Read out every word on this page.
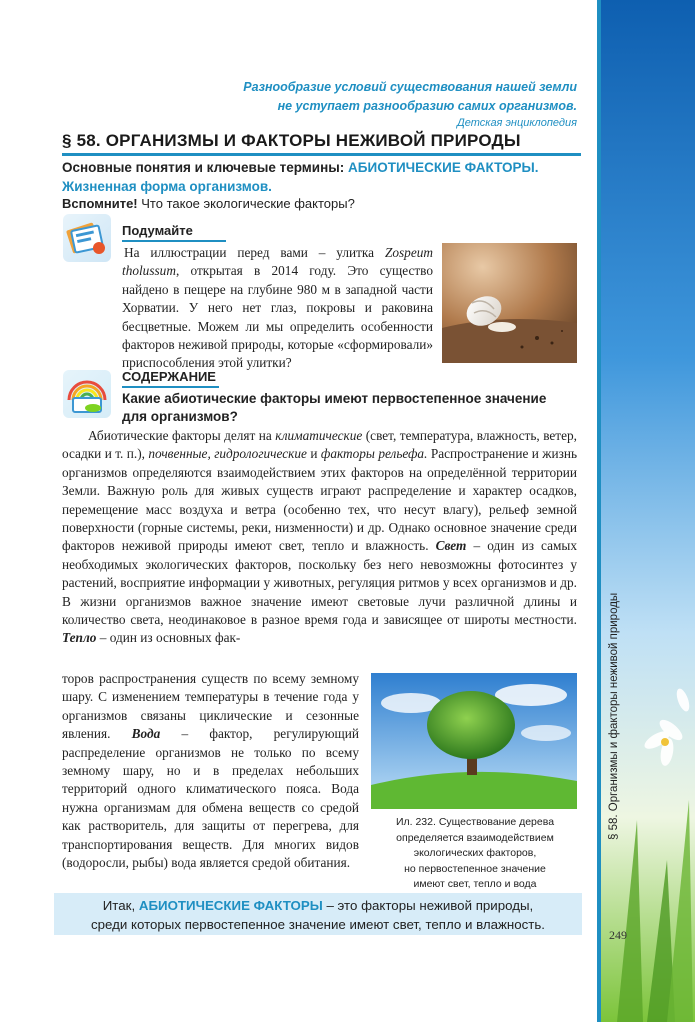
Разнообразие условий существования нашей земли
не уступает разнообразию самих организмов.
Детская энциклопедия
§ 58. ОРГАНИЗМЫ И ФАКТОРЫ НЕЖИВОЙ ПРИРОДЫ
Основные понятия и ключевые термины: АБИОТИЧЕСКИЕ ФАКТОРЫ.
Жизненная форма организмов.
Вспомните! Что такое экологические факторы?
Подумайте
На иллюстрации перед вами – улитка Zospeum tholussum, открытая в 2014 году. Это существо найдено в пещере на глубине 980 м в западной части Хорватии. У него нет глаз, покровы и раковина бесцветные. Можем ли мы определить особенности факторов неживой природы, которые «сформировали» приспособления этой улитки?
СОДЕРЖАНИЕ
Какие абиотические факторы имеют первостепенное значение для организмов?
Абиотические факторы делят на климатические (свет, температура, влажность, ветер, осадки и т. п.), почвенные, гидрологические и факторы рельефа. Распространение и жизнь организмов определяются взаимодействием этих факторов на определённой территории Земли. Важную роль для живых существ играют распределение и характер осадков, перемещение масс воздуха и ветра (особенно тех, что несут влагу), рельеф земной поверхности (горные системы, реки, низменности) и др. Однако основное значение среди факторов неживой природы имеют свет, тепло и влажность. Свет – один из самых необходимых экологических факторов, поскольку без него невозможны фотосинтез у растений, восприятие информации у животных, регуляция ритмов у всех организмов и др. В жизни организмов важное значение имеют световые лучи различной длины и количество света, неодинаковое в разное время года и зависящее от широты местности. Тепло – один из основных фак-
торов распространения существ по всему земному шару. С изменением температуры в течение года у организмов связаны циклические и сезонные явления. Вода – фактор, регулирующий распределение организмов не только по всему земному шару, но и в пределах небольших территорий одного климатического пояса. Вода нужна организмам для обмена веществ со средой как растворитель, для защиты от перегрева, для транспортирования веществ. Для многих видов (водоросли, рыбы) вода является средой обитания.
Ил. 232. Существование дерева
определяется взаимодействием
экологических факторов,
но первостепенное значение
имеют свет, тепло и вода
Итак, АБИОТИЧЕСКИЕ ФАКТОРЫ – это факторы неживой природы,
среди которых первостепенное значение имеют свет, тепло и влажность.
§ 58. Организмы и факторы неживой природы
249
